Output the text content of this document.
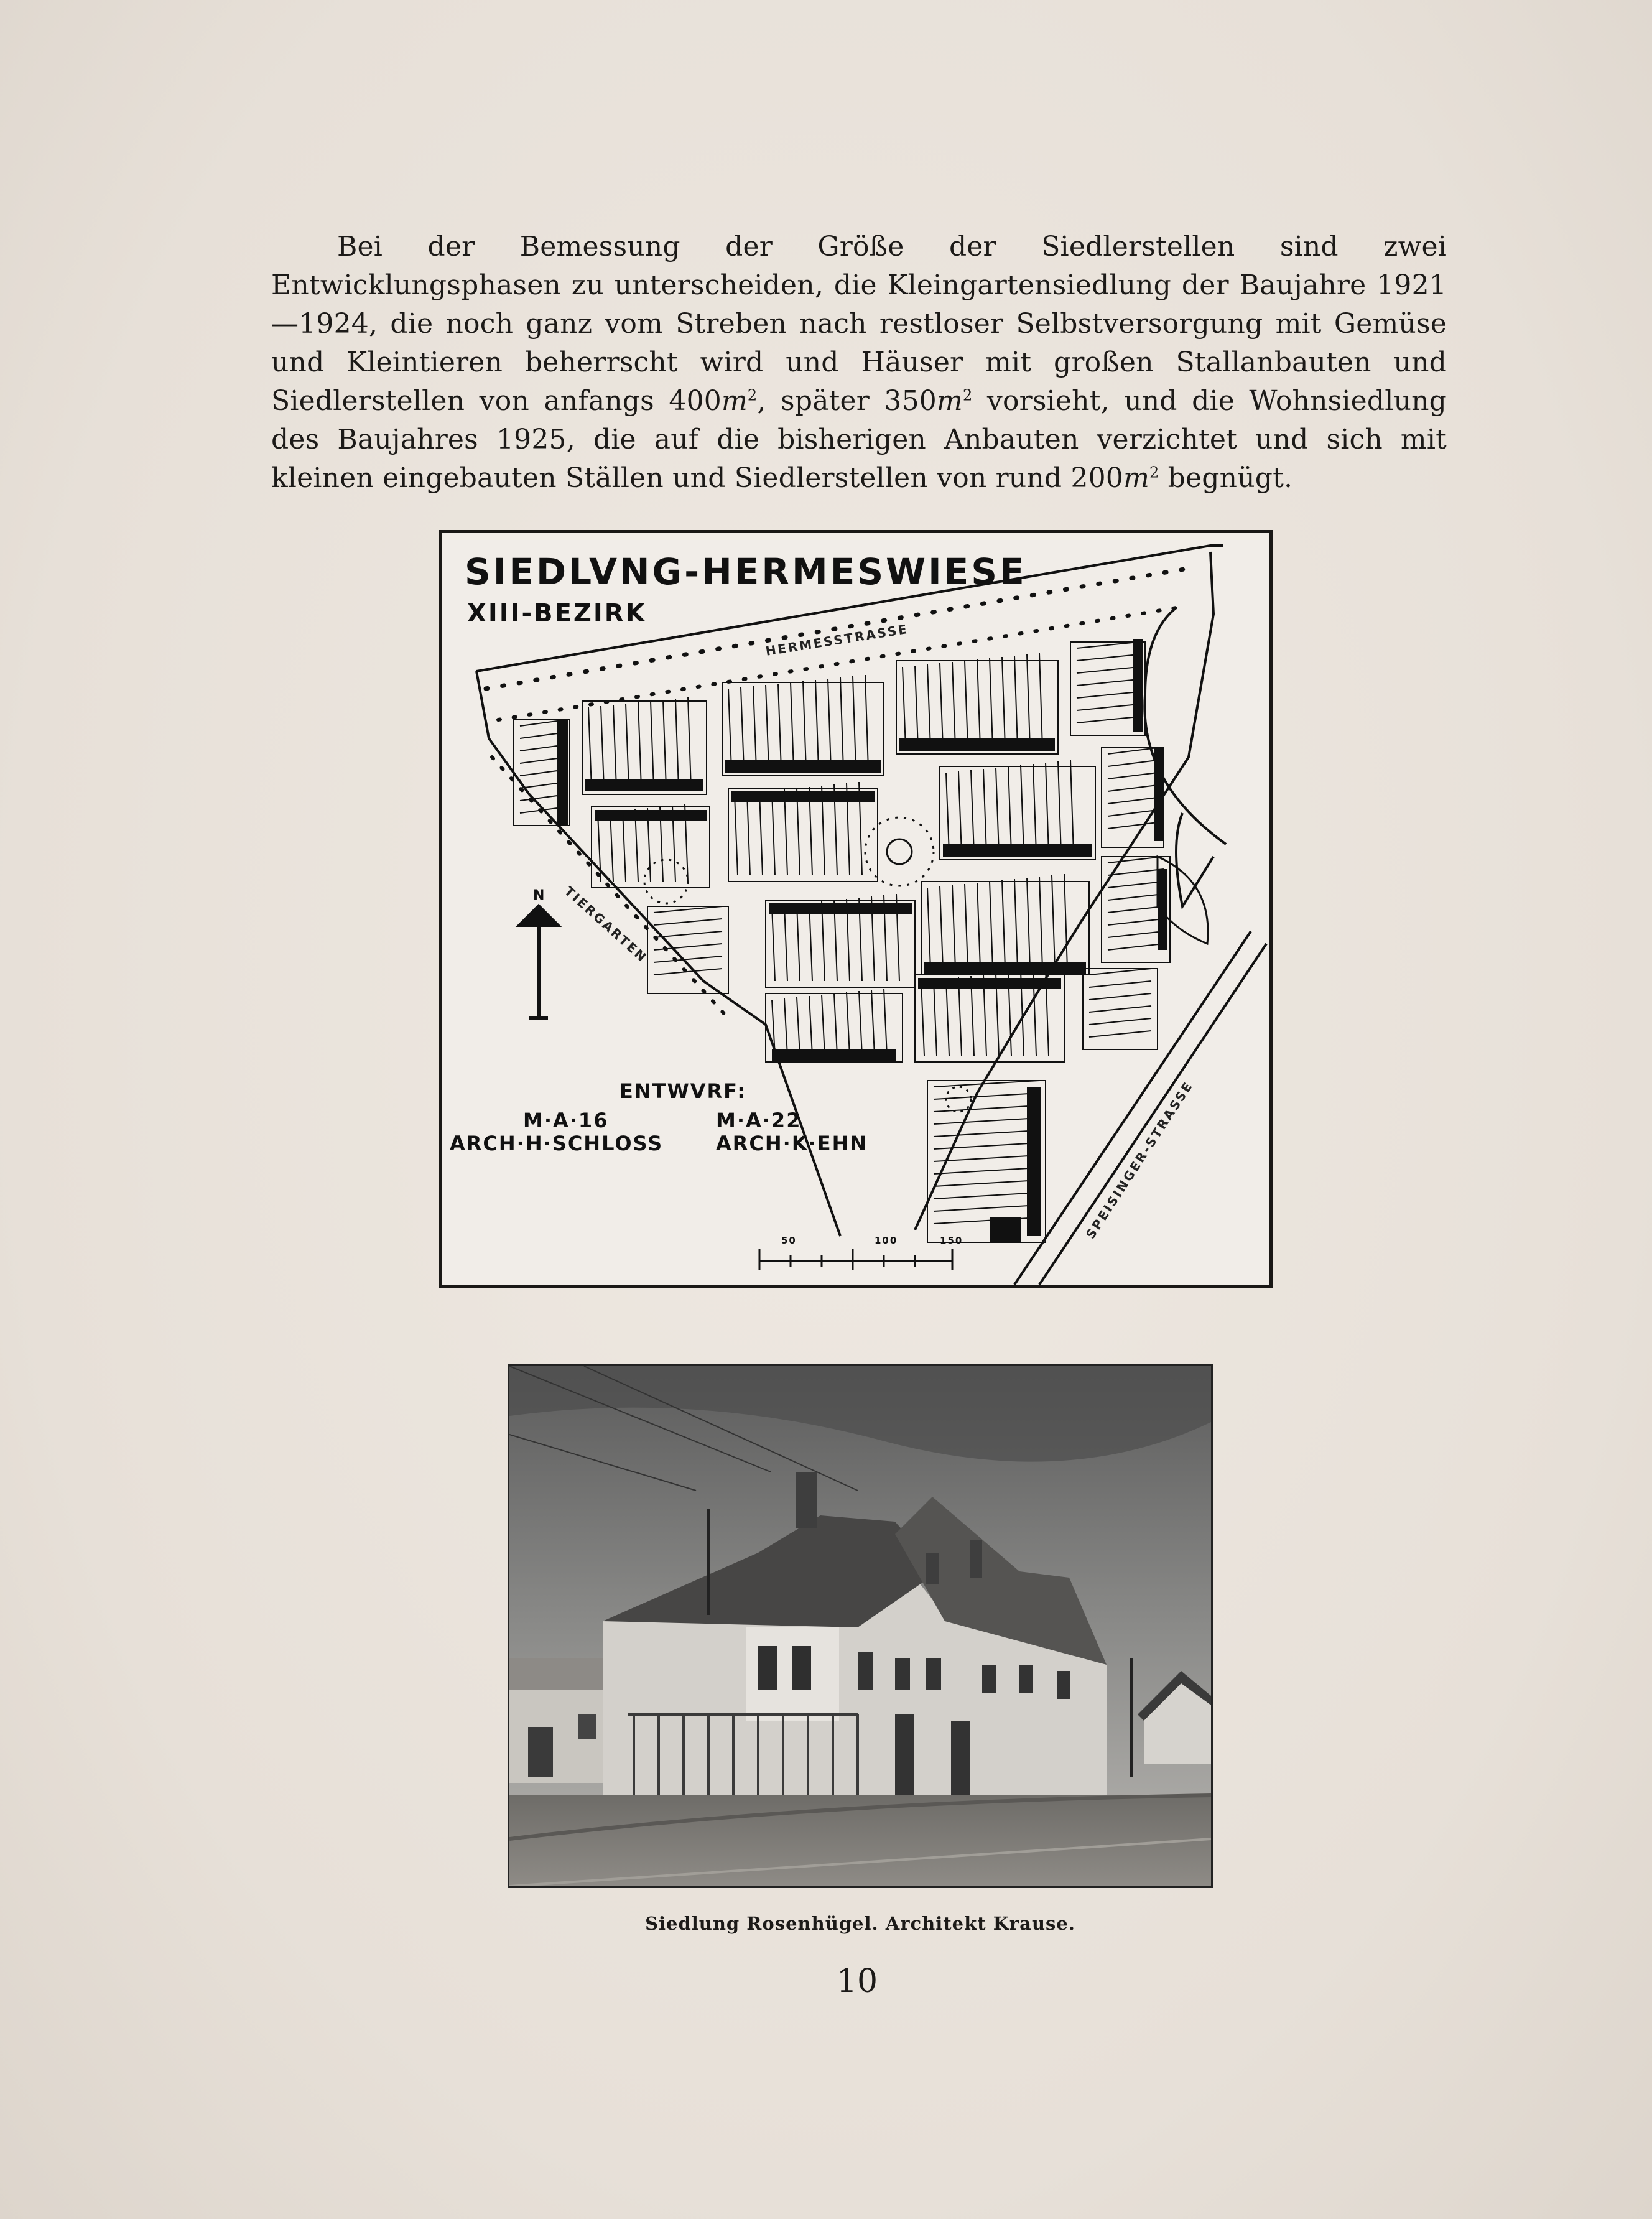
Bei der Bemessung der Größe der Siedlerstellen sind zwei Entwicklungsphasen zu unterscheiden, die Kleingartensiedlung der Baujahre 1921—1924, die noch ganz vom Streben nach restloser Selbstversorgung mit Gemüse und Kleintieren beherrscht wird und Häuser mit großen Stallanbauten und Siedlerstellen von anfangs $400m^2$, später $350m^2$ vorsieht, und die Wohnsiedlung des Baujahres 1925, die auf die bisherigen Anbauten verzichtet und sich mit kleinen eingebauten Ställen und Siedlerstellen von rund $200m^2$ begnügt.

SIEDLVNG-HERMESWIESE
XIII-BEZIRK
N
HERMESSTRASSE
TIERGARTEN
SPEISINGER-STRASSE
ENTWVRF:
M·A·16
ARCH·H·SCHLOSS
M·A·22
ARCH·K·EHN
50	100	150
Siedlung Rosenhügel. Architekt Krause.
10
